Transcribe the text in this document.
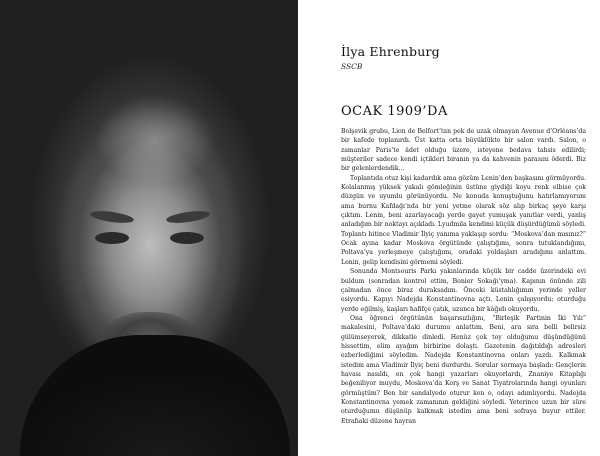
İlya Ehrenburg
SSCB
OCAK 1909’DA

Bolşevik grubu, Lion de Belfort’tan pek de uzak olmayan Avenue d’Orléans’da bir kafede toplanırdı. Üst katta orta büyüklükte bir salon vardı. Salon, o zamanlar Paris’te âdet olduğu üzere, isteyene bedava tahsis edilirdi; müşteriler sadece kendi içtikleri biranın ya da kahvenin parasını öderdi. Biz bir gelenlerdendik...

Toplantıda otuz kişi kadardık ama gözüm Lenin’den başkasını görmüyordu. Kolalanmış yüksek yakalı gömleğinin üstüne giydiği koyu renk elbise çok düzgün ve uyumlu görünüyordu. Ne konuda konuştuğunu hatırlamıyorum ama burnu Kafdağı’nda bir yeni yetme olarak söz alıp birkaç şeye karşı çıktım. Lenin, beni azarlayacağı yerde gayet yumuşak yanıtlar verdi, yanlış anladığım bir noktayı açıkladı. Lyudmila kendimi küçük düşürdüğümü söyledi. Toplantı bitince Vladimir İlyiç yanıma yaklaşıp sordu: “Moskova’dan mısınız?” Ocak ayına kadar Moskova örgütünde çalıştığımı, sonra tutuklandığımı, Poltava’ya yerleşmeye çalıştığımı, oradaki yoldaşları aradığımı anlattım. Lenin, gelip kendisini görmemi söyledi.

Sonunda Montsouris Parkı yakınlarında küçük bir cadde üzerindeki evi buldum (sonradan kontrol ettim, Bonier Sokağı’yma). Kapının önünde zili çalmadan önce biraz duraksadım. Önceki küstahlığımın yerinde yeller esiyordu. Kapıyı Nadejda Konstantinovna açtı. Lenin çalışıyordu; oturduğu yerde eğilmiş, kaşları hafifçe çatık, uzunca bir kâğıdı okuyordu.

Ona öğrenci örgütünün başarısızlığını, “Birleşik Partinin İki Yılı” makalesini, Poltava’daki durumu anlattım. Beni, ara sıra belli belirsiz gülümseyerek, dikkatle dinledi. Henüz çok toy olduğumu düşündüğünü hissettim, elim ayağım birbirine dolaştı. Gazetenin dağıtıldığı adresleri ezberlediğimi söyledim. Nadejda Konstantinovna onları yazdı. Kalkmak istedim ama Vladimir İlyiç beni durdurdu. Sorular sormaya başladı: Gençlerin havası nasıldı, en çok hangi yazarları okuyorlardı, Znaniye Kitaplığı beğeniliyor muydu, Moskova’da Korş ve Sanat Tiyatrolarında hangi oyunları görmüştüm? Ben bir sandalyede oturur ken o, odayı adımlıyordu. Nadejda Konstantinovna yemek zamanının geldiğini söyledi. Yeterince uzun bir süre oturduğumu düşünüp kalkmak istedim ama beni sofraya buyur ettiler. Etrafıaki düzene hayran
